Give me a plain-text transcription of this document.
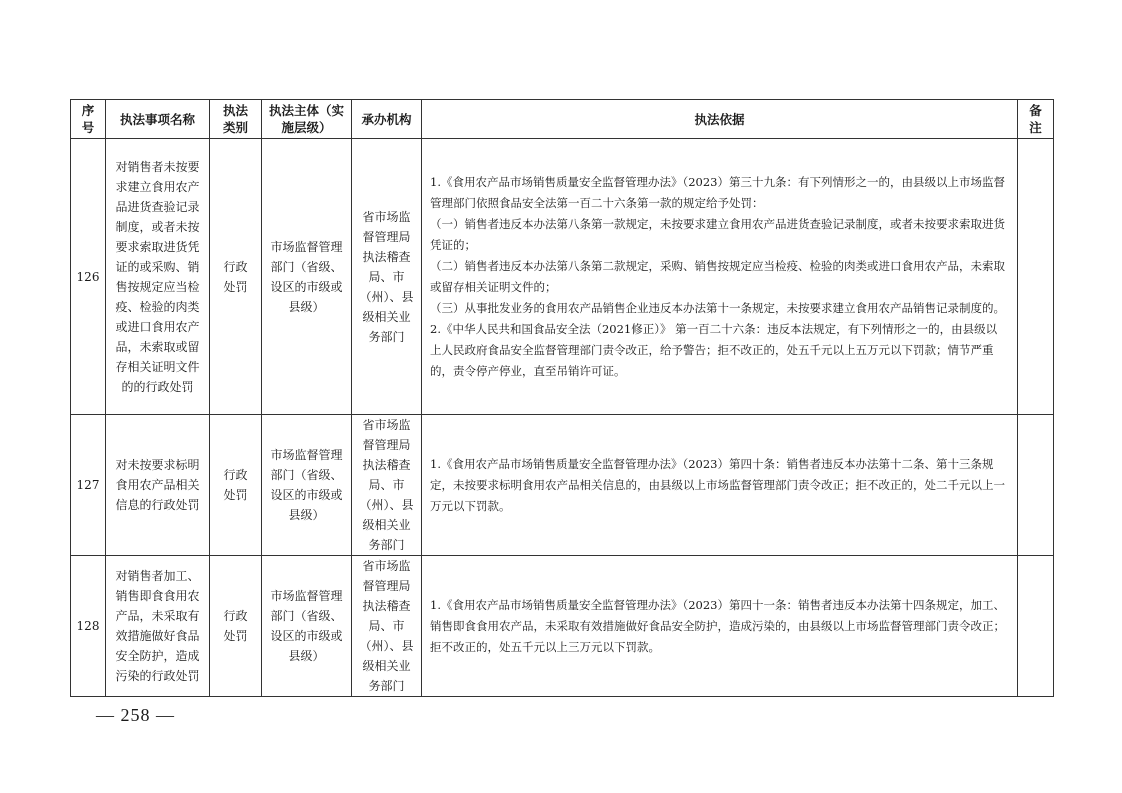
序号	执法事项名称	执法类别	执法主体（实施层级）	承办机构	执法依据	备注

126	对销售者未按要求建立食用农产品进货查验记录制度，或者未按要求索取进货凭证的或采购、销售按规定应当检疫、检验的肉类或进口食用农产品，未索取或留存相关证明文件的的行政处罚	行政处罚	市场监督管理部门（省级、设区的市级或县级）	省市场监督管理局执法稽查局、市（州）、县级相关业务部门	1.《食用农产品市场销售质量安全监督管理办法》（2023）第三十九条：有下列情形之一的，由县级以上市场监督管理部门依照食品安全法第一百二十六条第一款的规定给予处罚：
（一）销售者违反本办法第八条第一款规定，未按要求建立食用农产品进货查验记录制度，或者未按要求索取进货凭证的；
（二）销售者违反本办法第八条第二款规定，采购、销售按规定应当检疫、检验的肉类或进口食用农产品，未索取或留存相关证明文件的；
（三）从事批发业务的食用农产品销售企业违反本办法第十一条规定，未按要求建立食用农产品销售记录制度的。
2.《中华人民共和国食品安全法（2021修正）》 第一百二十六条：违反本法规定，有下列情形之一的，由县级以上人民政府食品安全监督管理部门责令改正，给予警告；拒不改正的，处五千元以上五万元以下罚款；情节严重的，责令停产停业，直至吊销许可证。	

127	对未按要求标明食用农产品相关信息的行政处罚	行政处罚	市场监督管理部门（省级、设区的市级或县级）	省市场监督管理局执法稽查局、市（州）、县级相关业务部门	1.《食用农产品市场销售质量安全监督管理办法》（2023）第四十条：销售者违反本办法第十二条、第十三条规定，未按要求标明食用农产品相关信息的，由县级以上市场监督管理部门责令改正；拒不改正的，处二千元以上一万元以下罚款。	

128	对销售者加工、销售即食食用农产品，未采取有效措施做好食品安全防护，造成污染的行政处罚	行政处罚	市场监督管理部门（省级、设区的市级或县级）	省市场监督管理局执法稽查局、市（州）、县级相关业务部门	1.《食用农产品市场销售质量安全监督管理办法》（2023）第四十一条：销售者违反本办法第十四条规定，加工、销售即食食用农产品，未采取有效措施做好食品安全防护，造成污染的，由县级以上市场监督管理部门责令改正；拒不改正的，处五千元以上三万元以下罚款。	

— 258 —
